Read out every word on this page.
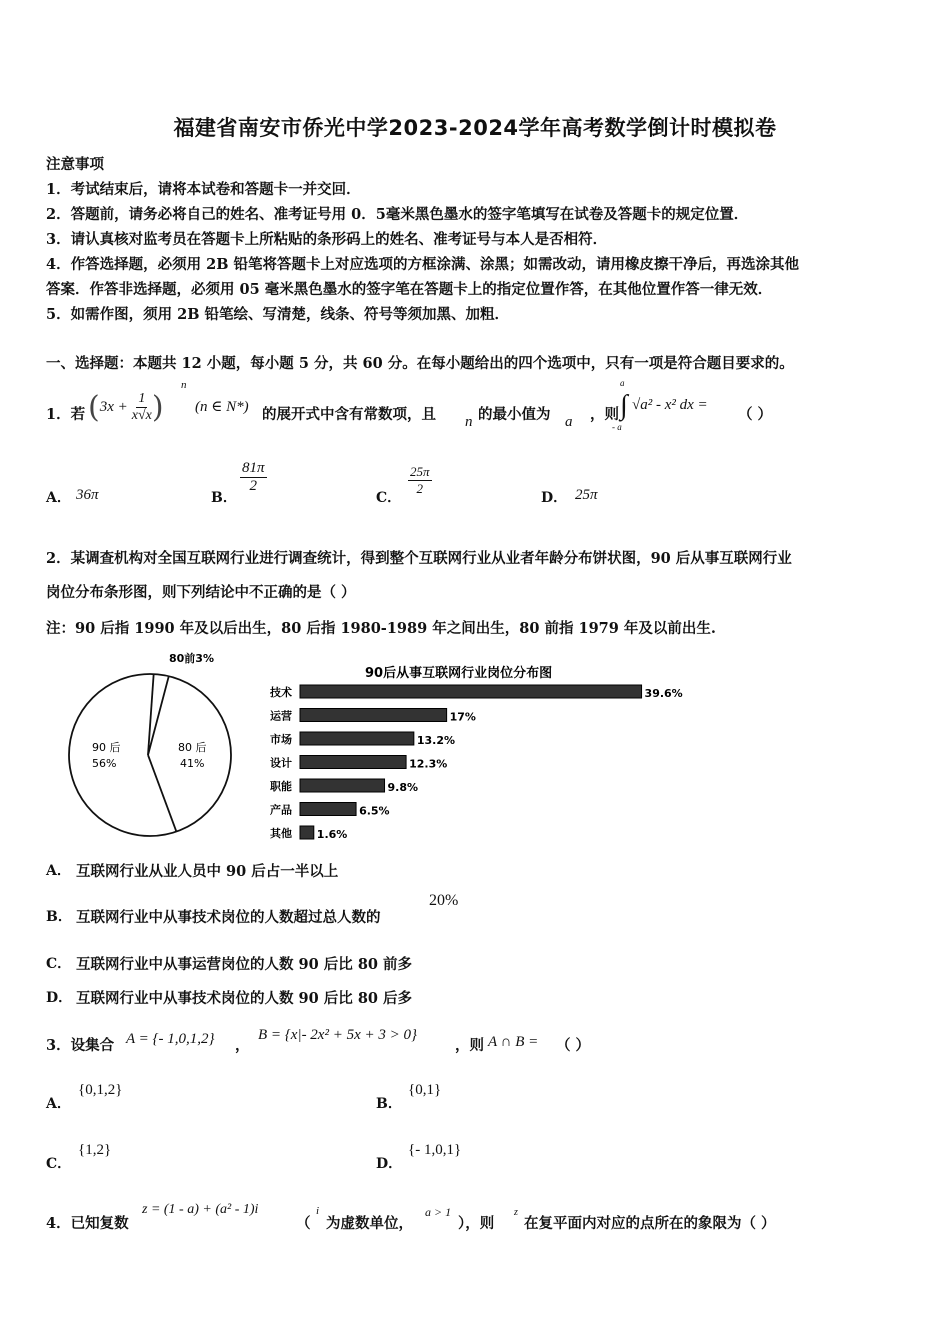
福建省南安市侨光中学2023-2024学年高考数学倒计时模拟卷
注意事项
1．考试结束后，请将本试卷和答题卡一并交回．
2．答题前，请务必将自己的姓名、准考证号用 0．5毫米黑色墨水的签字笔填写在试卷及答题卡的规定位置．
3．请认真核对监考员在答题卡上所粘贴的条形码上的姓名、准考证号与本人是否相符．
4．作答选择题，必须用 2B 铅笔将答题卡上对应选项的方框涂满、涂黑；如需改动，请用橡皮擦干净后，再选涂其他
答案．作答非选择题，必须用 05 毫米黑色墨水的签字笔在答题卡上的指定位置作答，在其他位置作答一律无效．
5．如需作图，须用 2B 铅笔绘、写清楚，线条、符号等须加黑、加粗．
一、选择题：本题共 12 小题，每小题 5 分，共 60 分。在每小题给出的四个选项中，只有一项是符合题目要求的。
1．若 ( $3x + \frac{1}{x√x}$ )
n
(n ∈ N*) 的展开式中含有常数项，且 n 的最小值为 a ，则 ∫
a
- a
√a² - x² dx =
（ ）
A． 36π	B．
$\frac{81\pi}{2}$
C．
$\frac{25\pi}{2}$
D． 25π
2．某调查机构对全国互联网行业进行调查统计，得到整个互联网行业从业者年龄分布饼状图，90 后从事互联网行业
岗位分布条形图，则下列结论中不正确的是（ ）
注：90 后指 1990 年及以后出生，80 后指 1980-1989 年之间出生，80 前指 1979 年及以前出生.
80前3%
90 后
56%
80 后
41%
90后从事互联网行业岗位分布图
技术	39.6%
运营	17%
市场	13.2%
设计	12.3%
职能	9.8%
产品	6.5%
其他 1.6%
A． 互联网行业从业人员中 90 后占一半以上
B． 互联网行业中从事技术岗位的人数超过总人数的
20%
C． 互联网行业中从事运营岗位的人数 90 后比 80 前多
D． 互联网行业中从事技术岗位的人数 90 后比 80 后多
3．设集合 A = {- 1,0,1,2} ，
B = {x|- 2x² + 5x + 3 > 0}
，则 A ∩ B = （ ）
A．
{0,1,2}
B．
{0,1}
C．
{1,2}
D．
{- 1,0,1}
4．已知复数
z = (1 - a) + (a² - 1)i
（
i
为虚数单位，
a > 1
），则
z
在复平面内对应的点所在的象限为（ ）
